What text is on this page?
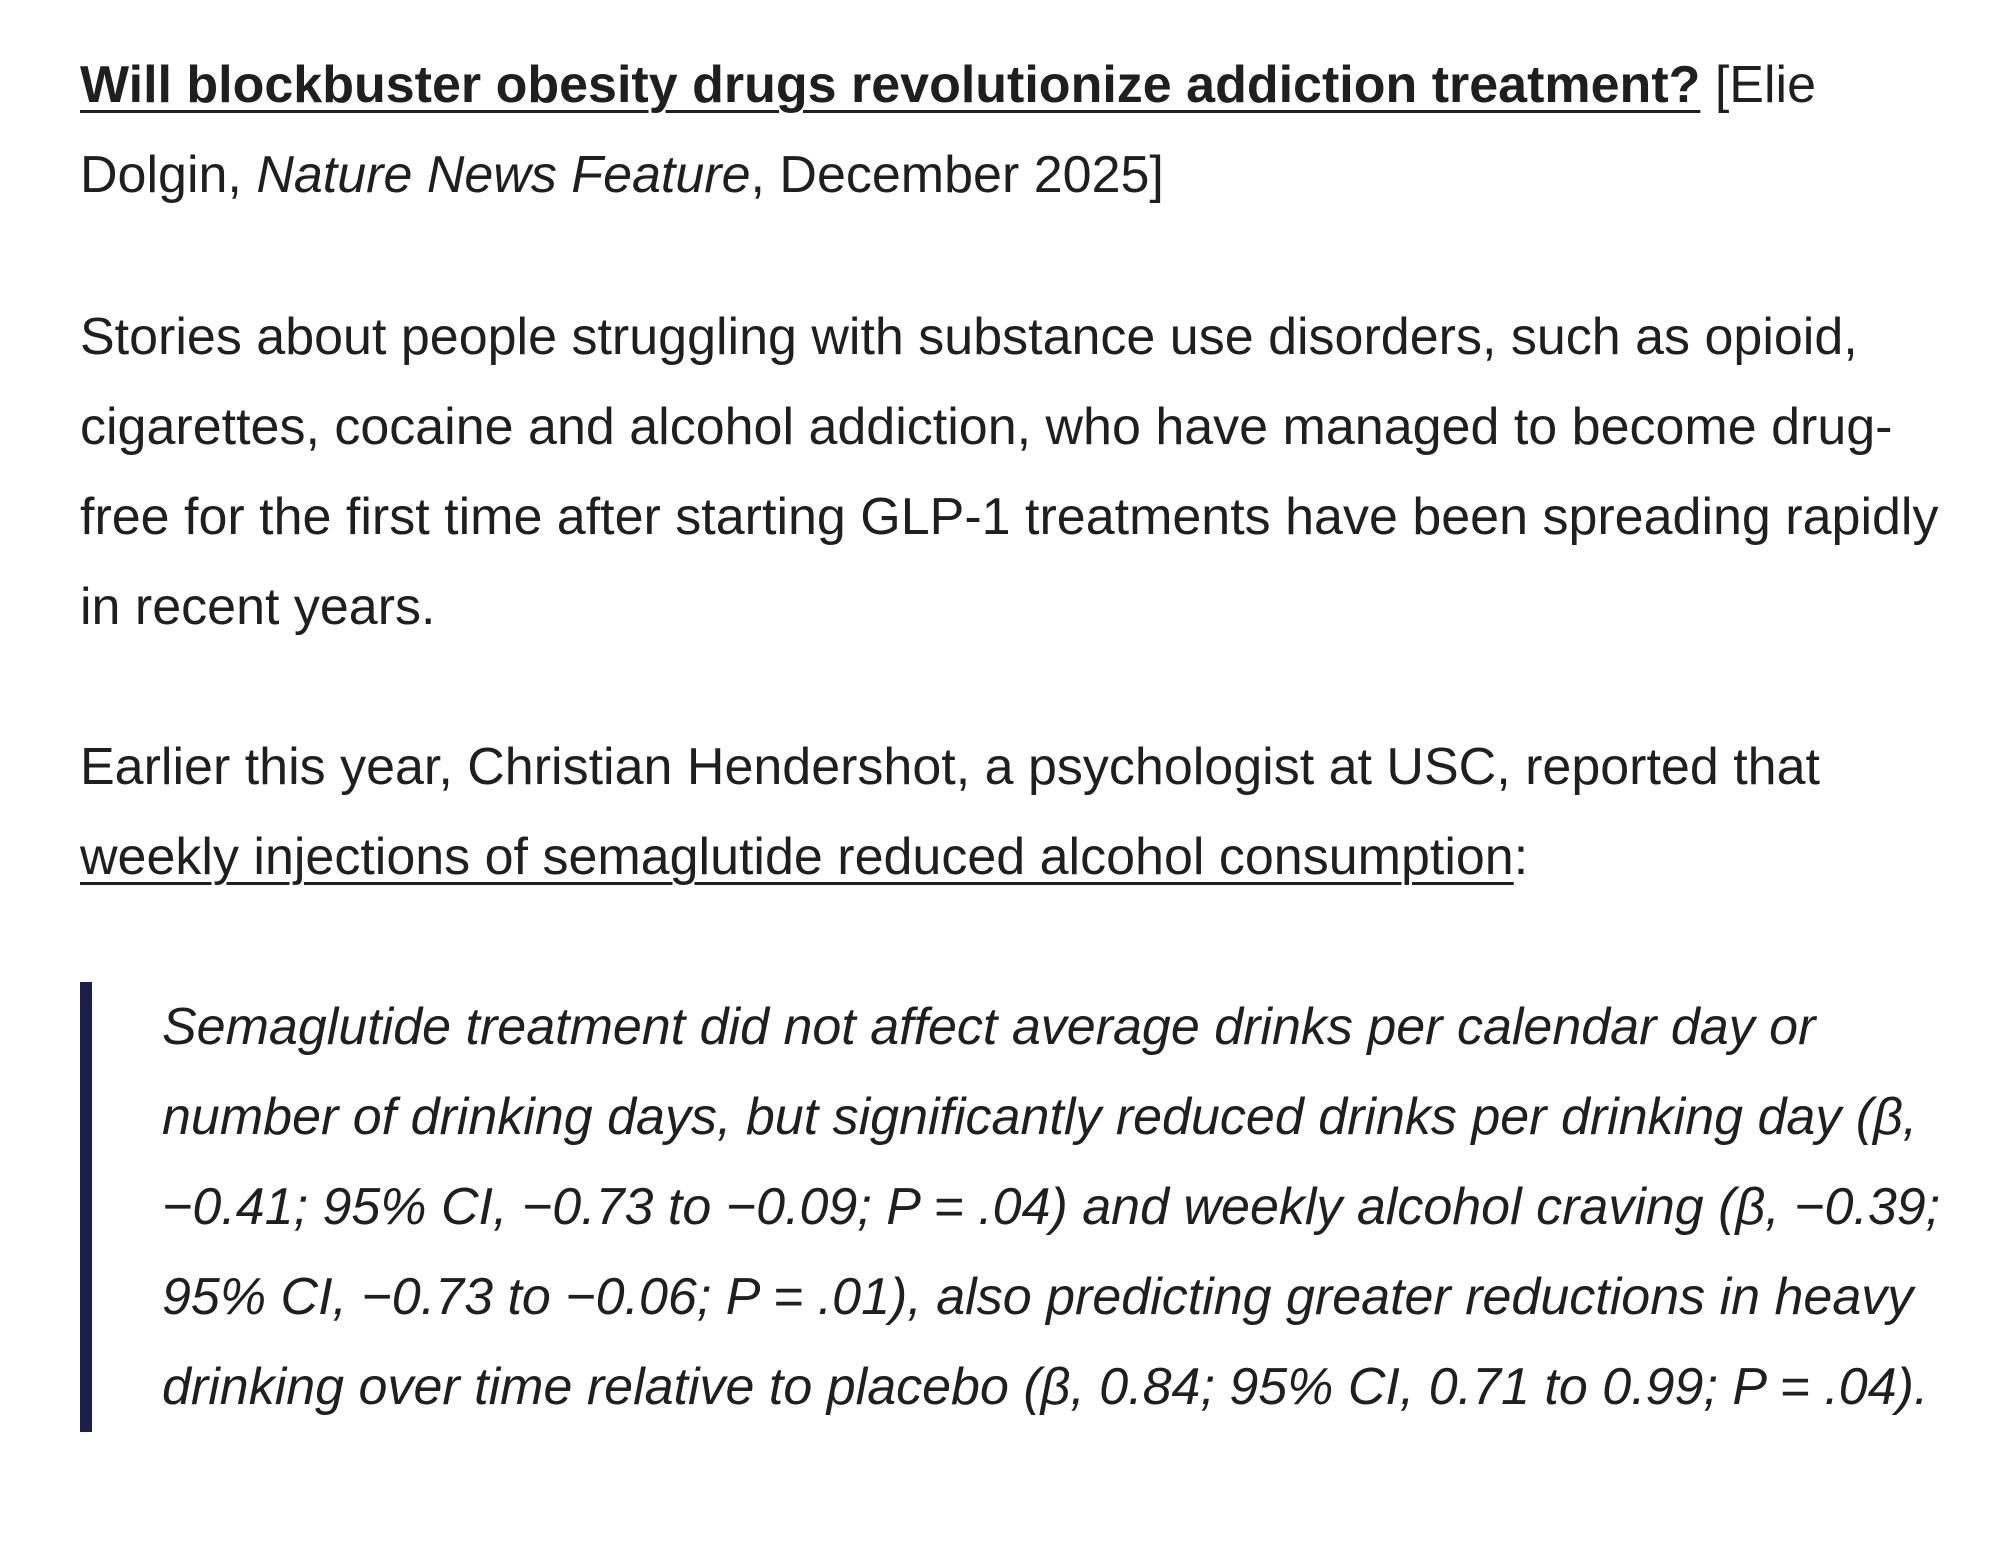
Will blockbuster obesity drugs revolutionize addiction treatment? [Elie Dolgin, Nature News Feature, December 2025]

Stories about people struggling with substance use disorders, such as opioid, cigarettes, cocaine and alcohol addiction, who have managed to become drug-free for the first time after starting GLP-1 treatments have been spreading rapidly in recent years.

Earlier this year, Christian Hendershot, a psychologist at USC, reported that weekly injections of semaglutide reduced alcohol consumption:

Semaglutide treatment did not affect average drinks per calendar day or number of drinking days, but significantly reduced drinks per drinking day (β, −0.41; 95% CI, −0.73 to −0.09; P = .04) and weekly alcohol craving (β, −0.39; 95% CI, −0.73 to −0.06; P = .01), also predicting greater reductions in heavy drinking over time relative to placebo (β, 0.84; 95% CI, 0.71 to 0.99; P = .04).
